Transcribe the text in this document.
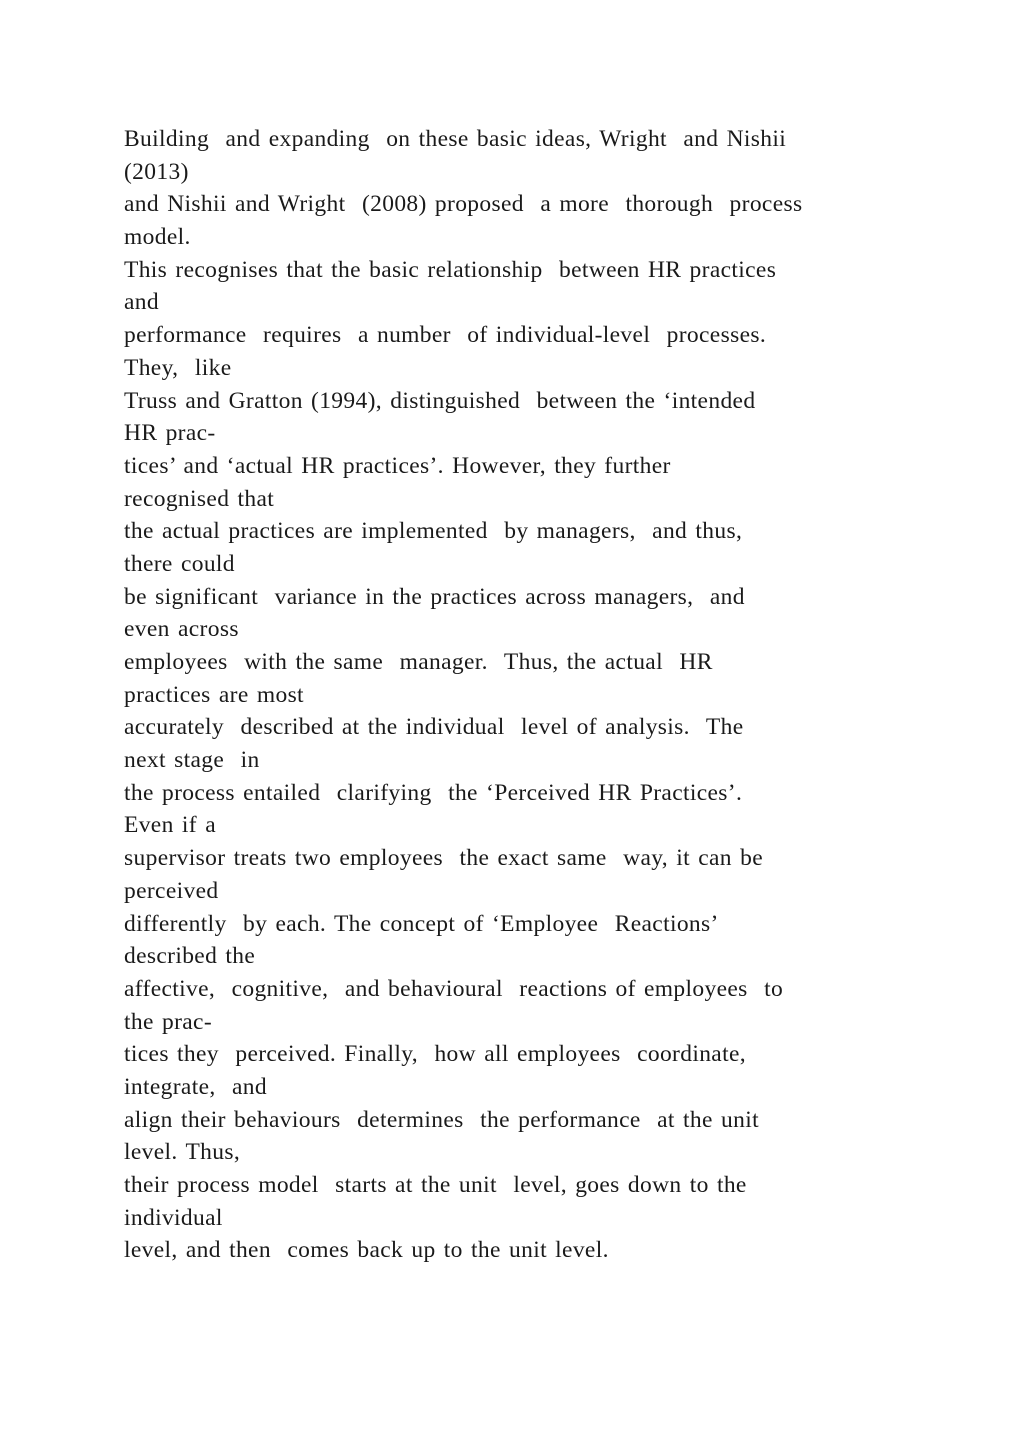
Building  and expanding  on these basic ideas, Wright  and Nishii
(2013)
and Nishii and Wright  (2008) proposed  a more  thorough  process
model.
This recognises that the basic relationship  between HR practices
and
performance  requires  a number  of individual-level  processes.
They,  like
Truss and Gratton (1994), distinguished  between the ‘intended
HR prac-
tices’ and ‘actual HR practices’. However, they further
recognised that
the actual practices are implemented  by managers,  and thus,
there could
be significant  variance in the practices across managers,  and
even across
employees  with the same  manager.  Thus, the actual  HR
practices are most
accurately  described at the individual  level of analysis.  The
next stage  in
the process entailed  clarifying  the ‘Perceived HR Practices’.
Even if a
supervisor treats two employees  the exact same  way, it can be
perceived
differently  by each. The concept of ‘Employee  Reactions’
described the
affective,  cognitive,  and behavioural  reactions of employees  to
the prac-
tices they  perceived. Finally,  how all employees  coordinate,
integrate,  and
align their behaviours  determines  the performance  at the unit
level. Thus,
their process model  starts at the unit  level, goes down to the
individual
level, and then  comes back up to the unit level.
